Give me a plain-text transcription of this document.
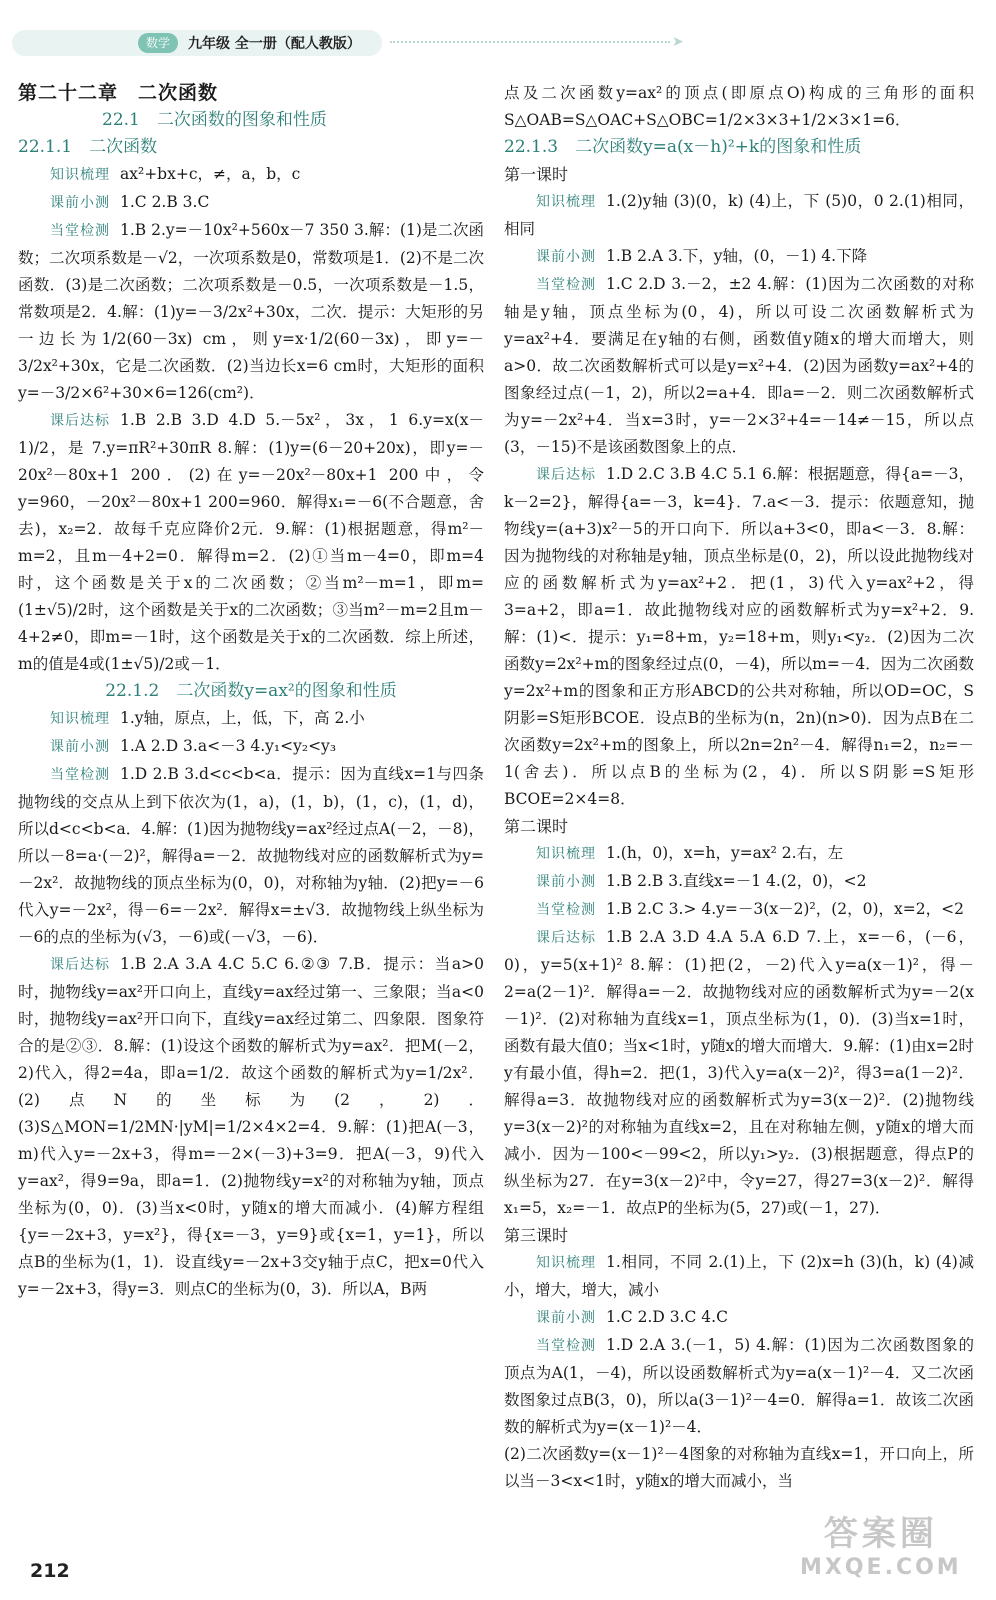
数学	九年级 全一册（配人教版）	➤

第二十二章　二次函数

22.1　二次函数的图象和性质

22.1.1　二次函数

知识梳理 ax²+bx+c，≠，a，b，c

课前小测 1.C 2.B 3.C

当堂检测 1.B 2.y=－10x²+560x－7 350 3.解：(1)是二次函数；二次项系数是－√2，一次项系数是0，常数项是1．(2)不是二次函数．(3)是二次函数；二次项系数是－0.5，一次项系数是－1.5，常数项是2．4.解：(1)y=－3/2x²+30x，二次．提示：大矩形的另一边长为1/2(60－3x) cm，则y=x·1/2(60－3x)，即y=－3/2x²+30x，它是二次函数．(2)当边长x=6 cm时，大矩形的面积y=－3/2×6²+30×6=126(cm²)．

课后达标 1.B 2.B 3.D 4.D 5.－5x²，3x，1 6.y=x(x－1)/2，是 7.y=πR²+30πR 8.解：(1)y=(6－20+20x)，即y=－20x²－80x+1 200．(2)在y=－20x²－80x+1 200中，令y=960，－20x²－80x+1 200=960．解得x₁=－6(不合题意，舍去)，x₂=2．故每千克应降价2元．9.解：(1)根据题意，得m²－m=2，且m－4+2=0．解得m=2．(2)①当m－4=0，即m=4时，这个函数是关于x的二次函数；②当m²－m=1，即m=(1±√5)/2时，这个函数是关于x的二次函数；③当m²－m=2且m－4+2≠0，即m=－1时，这个函数是关于x的二次函数．综上所述，m的值是4或(1±√5)/2或－1．

22.1.2　二次函数y=ax²的图象和性质

知识梳理 1.y轴，原点，上，低，下，高 2.小

课前小测 1.A 2.D 3.a<－3 4.y₁<y₂<y₃

当堂检测 1.D 2.B 3.d<c<b<a．提示：因为直线x=1与四条抛物线的交点从上到下依次为(1，a)，(1，b)，(1，c)，(1，d)，所以d<c<b<a．4.解：(1)因为抛物线y=ax²经过点A(－2，－8)，所以－8=a·(－2)²，解得a=－2．故抛物线对应的函数解析式为y=－2x²．故抛物线的顶点坐标为(0，0)，对称轴为y轴．(2)把y=－6代入y=－2x²，得－6=－2x²．解得x=±√3．故抛物线上纵坐标为－6的点的坐标为(√3，－6)或(－√3，－6)．

课后达标 1.B 2.A 3.A 4.C 5.C 6.②③ 7.B．提示：当a>0时，抛物线y=ax²开口向上，直线y=ax经过第一、三象限；当a<0时，抛物线y=ax²开口向下，直线y=ax经过第二、四象限．图象符合的是②③．8.解：(1)设这个函数的解析式为y=ax²．把M(－2，2)代入，得2=4a，即a=1/2．故这个函数的解析式为y=1/2x²．(2)点N的坐标为(2，2)．(3)S△MON=1/2MN·|yM|=1/2×4×2=4．9.解：(1)把A(－3，m)代入y=－2x+3，得m=－2×(－3)+3=9．把A(－3，9)代入y=ax²，得9=9a，即a=1．(2)抛物线y=x²的对称轴为y轴，顶点坐标为(0，0)．(3)当x<0时，y随x的增大而减小．(4)解方程组{y=－2x+3，y=x²}，得{x=－3，y=9}或{x=1，y=1}，所以点B的坐标为(1，1)．设直线y=－2x+3交y轴于点C，把x=0代入y=－2x+3，得y=3．则点C的坐标为(0，3)．所以A，B两

点及二次函数y=ax²的顶点(即原点O)构成的三角形的面积S△OAB=S△OAC+S△OBC=1/2×3×3+1/2×3×1=6．

22.1.3　二次函数y=a(x－h)²+k的图象和性质

第一课时

知识梳理 1.(2)y轴 (3)(0，k) (4)上，下 (5)0，0 2.(1)相同，相同

课前小测 1.B 2.A 3.下，y轴，(0，－1) 4.下降

当堂检测 1.C 2.D 3.－2，±2 4.解：(1)因为二次函数的对称轴是y轴，顶点坐标为(0，4)，所以可设二次函数解析式为y=ax²+4．要满足在y轴的右侧，函数值y随x的增大而增大，则a>0．故二次函数解析式可以是y=x²+4．(2)因为函数y=ax²+4的图象经过点(－1，2)，所以2=a+4．即a=－2．则二次函数解析式为y=－2x²+4．当x=3时，y=－2×3²+4=－14≠－15，所以点(3，－15)不是该函数图象上的点．

课后达标 1.D 2.C 3.B 4.C 5.1 6.解：根据题意，得{a=－3，k－2=2}，解得{a=－3，k=4}．7.a<－3．提示：依题意知，抛物线y=(a+3)x²－5的开口向下．所以a+3<0，即a<－3．8.解：因为抛物线的对称轴是y轴，顶点坐标是(0，2)，所以设此抛物线对应的函数解析式为y=ax²+2．把(1，3)代入y=ax²+2，得3=a+2，即a=1．故此抛物线对应的函数解析式为y=x²+2．9.解：(1)<．提示：y₁=8+m，y₂=18+m，则y₁<y₂．(2)因为二次函数y=2x²+m的图象经过点(0，－4)，所以m=－4．因为二次函数y=2x²+m的图象和正方形ABCD的公共对称轴，所以OD=OC，S阴影=S矩形BCOE．设点B的坐标为(n，2n)(n>0)．因为点B在二次函数y=2x²+m的图象上，所以2n=2n²－4．解得n₁=2，n₂=－1(舍去)．所以点B的坐标为(2，4)．所以S阴影=S矩形BCOE=2×4=8．

第二课时

知识梳理 1.(h，0)，x=h，y=ax² 2.右，左

课前小测 1.B 2.B 3.直线x=－1 4.(2，0)，<2

当堂检测 1.B 2.C 3.> 4.y=－3(x－2)²，(2，0)，x=2，<2

课后达标 1.B 2.A 3.D 4.A 5.A 6.D 7.上，x=－6，(－6，0)，y=5(x+1)² 8.解：(1)把(2，－2)代入y=a(x－1)²，得－2=a(2－1)²．解得a=－2．故抛物线对应的函数解析式为y=－2(x－1)²．(2)对称轴为直线x=1，顶点坐标为(1，0)．(3)当x=1时，函数有最大值0；当x<1时，y随x的增大而增大．9.解：(1)由x=2时y有最小值，得h=2．把(1，3)代入y=a(x－2)²，得3=a(1－2)²．解得a=3．故抛物线对应的函数解析式为y=3(x－2)²．(2)抛物线y=3(x－2)²的对称轴为直线x=2，且在对称轴左侧，y随x的增大而减小．因为－100<－99<2，所以y₁>y₂．(3)根据题意，得点P的纵坐标为27．在y=3(x－2)²中，令y=27，得27=3(x－2)²．解得x₁=5，x₂=－1．故点P的坐标为(5，27)或(－1，27)．

第三课时

知识梳理 1.相同，不同 2.(1)上，下 (2)x=h (3)(h，k) (4)减小，增大，增大，减小

课前小测 1.C 2.D 3.C 4.C

当堂检测 1.D 2.A 3.(－1，5) 4.解：(1)因为二次函数图象的顶点为A(1，－4)，所以设函数解析式为y=a(x－1)²－4．又二次函数图象过点B(3，0)，所以a(3－1)²－4=0．解得a=1．故该二次函数的解析式为y=(x－1)²－4．

(2)二次函数y=(x－1)²－4图象的对称轴为直线x=1，开口向上，所以当－3<x<1时，y随x的增大而减小，当

212
答案圈
MXQE.COM
